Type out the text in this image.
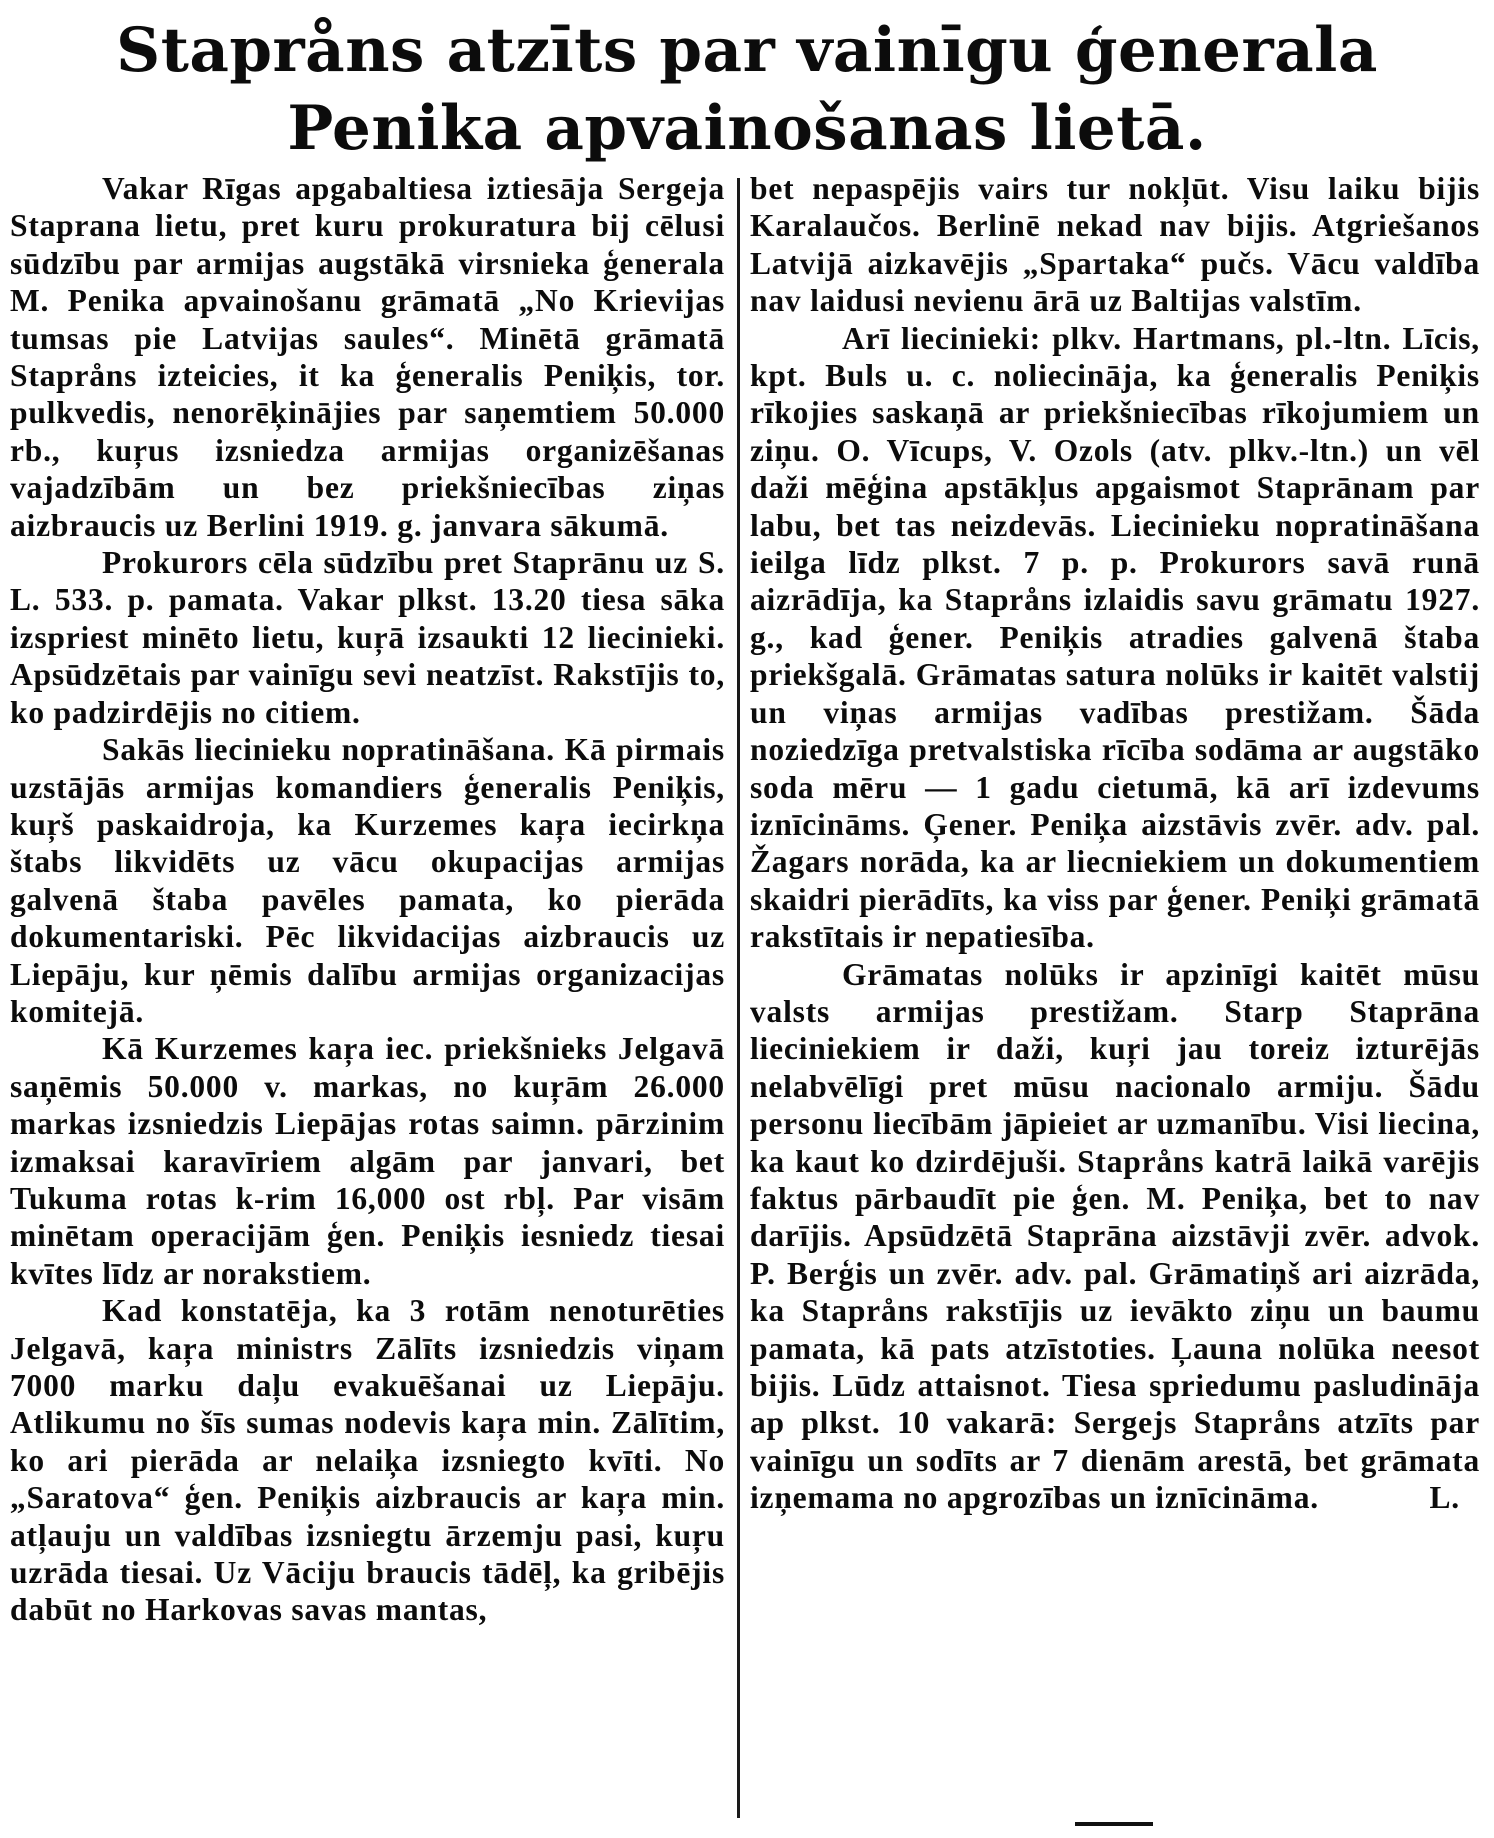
Stapråns atzīts par vainīgu ģenerala
Penika apvainošanas lietā.

Vakar Rīgas apgabaltiesa iztiesāja Sergeja Staprana lietu, pret kuru prokuratura bij cēlusi sūdzību par armijas augstākā virsnieka ģenerala M. Penika apvainošanu grāmatā „No Krievijas tumsas pie Latvijas saules“. Minētā grāmatā Stapråns izteicies, it ka ģeneralis Peniķis, tor. pulkvedis, nenorēķinājies par saņemtiem 50.000 rb., kuŗus izsniedza armijas organizēšanas vajadzībām un bez priekšniecības ziņas aizbraucis uz Berlini 1919. g. janvara sākumā.

Prokurors cēla sūdzību pret Staprānu uz S. L. 533. p. pamata. Vakar plkst. 13.20 tiesa sāka izspriest minēto lietu, kuŗā izsaukti 12 liecinieki. Apsūdzētais par vainīgu sevi neatzīst. Rakstījis to, ko padzirdējis no citiem.

Sakās liecinieku nopratināšana. Kā pirmais uzstājās armijas komandiers ģeneralis Peniķis, kuŗš paskaidroja, ka Kurzemes kaŗa iecirkņa štabs likvidēts uz vācu okupacijas armijas galvenā štaba pavēles pamata, ko pierāda dokumentariski. Pēc likvidacijas aizbraucis uz Liepāju, kur ņēmis dalību armijas organizacijas komitejā.

Kā Kurzemes kaŗa iec. priekšnieks Jelgavā saņēmis 50.000 v. markas, no kuŗām 26.000 markas izsniedzis Liepājas rotas saimn. pārzinim izmaksai karavīriem algām par janvari, bet Tukuma rotas k-rim 16,000 ost rbļ. Par visām minētam operacijām ģen. Peniķis iesniedz tiesai kvītes līdz ar norakstiem.

Kad konstatēja, ka 3 rotām nenoturēties Jelgavā, kaŗa ministrs Zālīts izsniedzis viņam 7000 marku daļu evakuēšanai uz Liepāju. Atlikumu no šīs sumas nodevis kaŗa min. Zālītim, ko ari pierāda ar nelaiķa izsniegto kvīti. No „Saratova“ ģen. Peniķis aizbraucis ar kaŗa min. atļauju un valdības izsniegtu ārzemju pasi, kuŗu uzrāda tiesai. Uz Vāciju braucis tādēļ, ka gribējis dabūt no Harkovas savas mantas,

bet nepaspējis vairs tur nokļūt. Visu laiku bijis Karalaučos. Berlinē nekad nav bijis. Atgriešanos Latvijā aizkavējis „Spartaka“ pučs. Vācu valdība nav laidusi nevienu ārā uz Baltijas valstīm.

Arī liecinieki: plkv. Hartmans, pl.-ltn. Līcis, kpt. Buls u. c. noliecināja, ka ģeneralis Peniķis rīkojies saskaņā ar priekšniecības rīkojumiem un ziņu. O. Vīcups, V. Ozols (atv. plkv.-ltn.) un vēl daži mēģina apstākļus apgaismot Staprānam par labu, bet tas neizdevās. Liecinieku nopratināšana ieilga līdz plkst. 7 p. p. Prokurors savā runā aizrādīja, ka Stapråns izlaidis savu grāmatu 1927. g., kad ģener. Peniķis atradies galvenā štaba priekšgalā. Grāmatas satura nolūks ir kaitēt valstij un viņas armijas vadības prestižam. Šāda noziedzīga pretvalstiska rīcība sodāma ar augstāko soda mēru — 1 gadu cietumā, kā arī izdevums iznīcināms. Ģener. Peniķa aizstāvis zvēr. adv. pal. Žagars norāda, ka ar liecniekiem un dokumentiem skaidri pierādīts, ka viss par ģener. Peniķi grāmatā rakstītais ir nepatiesība.

Grāmatas nolūks ir apzinīgi kaitēt mūsu valsts armijas prestižam. Starp Staprāna lieciniekiem ir daži, kuŗi jau toreiz izturējās nelabvēlīgi pret mūsu nacionalo armiju. Šādu personu liecībām jāpieiet ar uzmanību. Visi liecina, ka kaut ko dzirdējuši. Stapråns katrā laikā varējis faktus pārbaudīt pie ģen. M. Peniķa, bet to nav darījis. Apsūdzētā Staprāna aizstāvji zvēr. advok. P. Berģis un zvēr. adv. pal. Grāmatiņš ari aizrāda, ka Stapråns rakstījis uz ievākto ziņu un baumu pamata, kā pats atzīstoties. Ļauna nolūka neesot bijis. Lūdz attaisnot. Tiesa spriedumu pasludināja ap plkst. 10 vakarā: Sergejs Stapråns atzīts par vainīgu un sodīts ar 7 dienām arestā, bet grāmata izņemama no apgrozības un iznīcināma.	L.
